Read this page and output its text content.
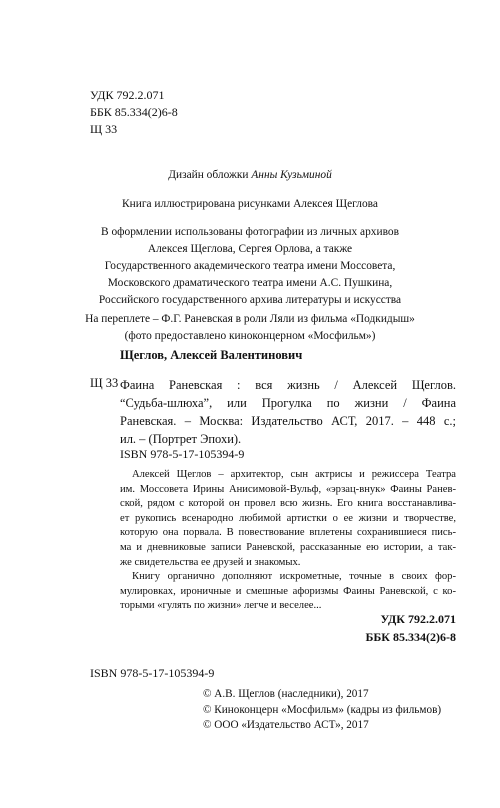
УДК 792.2.071
ББК 85.334(2)6-8
Щ 33

Дизайн обложки Анны Кузьминой

Книга иллюстрирована рисунками Алексея Щеглова

В оформлении использованы фотографии из личных архивов

Алексея Щеглова, Сергея Орлова, а также

Государственного академического театра имени Моссовета,

Московского драматического театра имени А.С. Пушкина,

Российского государственного архива литературы и искусства

На переплете – Ф.Г. Раневская в роли Ляли из фильма «Подкидыш»

(фото предоставлено киноконцерном «Мосфильм»)

Щеглов, Алексей Валентинович
Щ 33 Фаина Раневская : вся жизнь / Алексей Щеглов.
“Судьба-шлюха”, или Прогулка по жизни / Фаина
Раневская. – Москва: Издательство АСТ, 2017. – 448 с.;
ил. – (Портрет Эпохи).
ISBN 978-5-17-105394-9
Алексей Щеглов – архитектор, сын актрисы и режиссера Театра
им. Моссовета Ирины Анисимовой-Вульф, «эрзац-внук» Фаины Ранев-
ской, рядом с которой он провел всю жизнь. Его книга восстанавлива-
ет рукопись всенародно любимой артистки о ее жизни и творчестве,
которую она порвала. В повествование вплетены сохранившиеся пись-
ма и дневниковые записи Раневской, рассказанные ею истории, а так-
же свидетельства ее друзей и знакомых.
Книгу органично дополняют искрометные, точные в своих фор-
мулировках, ироничные и смешные афоризмы Фаины Раневской, с ко-
торыми «гулять по жизни» легче и веселее...
УДК 792.2.071
ББК 85.334(2)6-8
ISBN 978-5-17-105394-9
© А.В. Щеглов (наследники), 2017
© Киноконцерн «Мосфильм» (кадры из фильмов)
© ООО «Издательство АСТ», 2017
